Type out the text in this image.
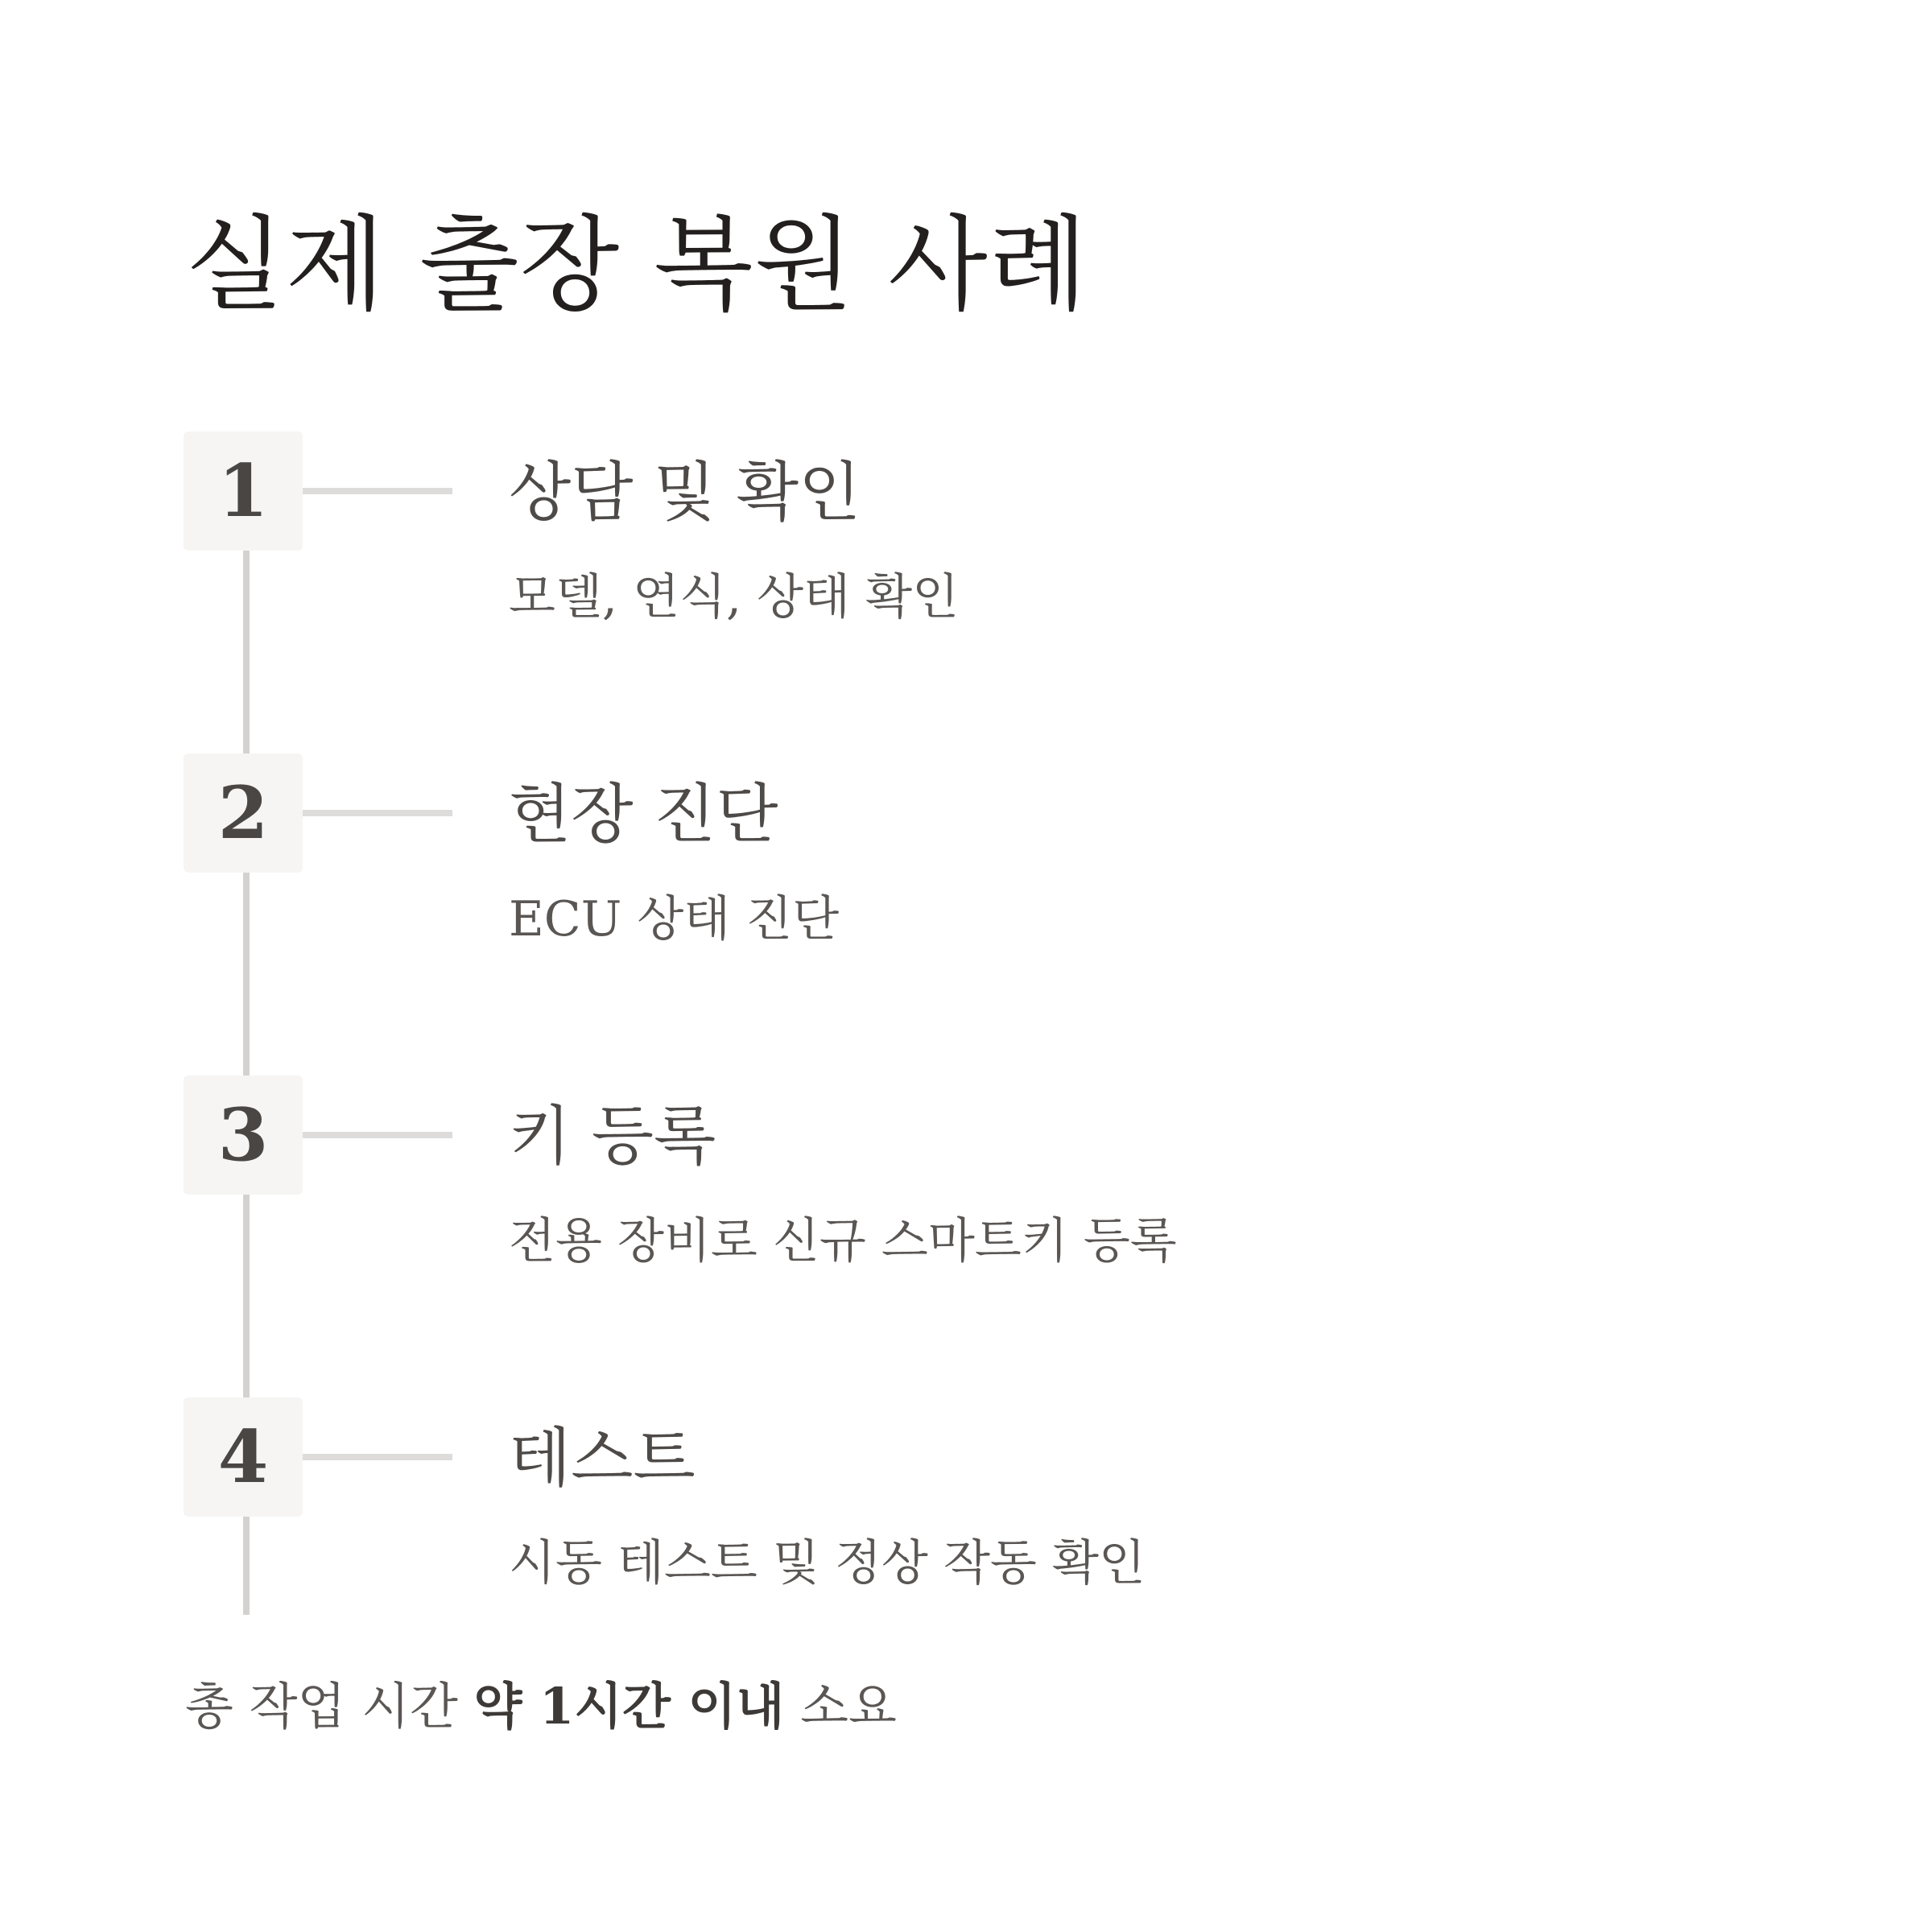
실제 출장 복원 사례
1	상담 및 확인

모델, 연식, 상태 확인

2	현장 진단

ECU 상태 진단

3	키 등록

전용 장비로 신규 스마트키 등록

4	테스트

시동 테스트 및 정상 작동 확인

총 작업 시간 약 1시간 이내 소요
